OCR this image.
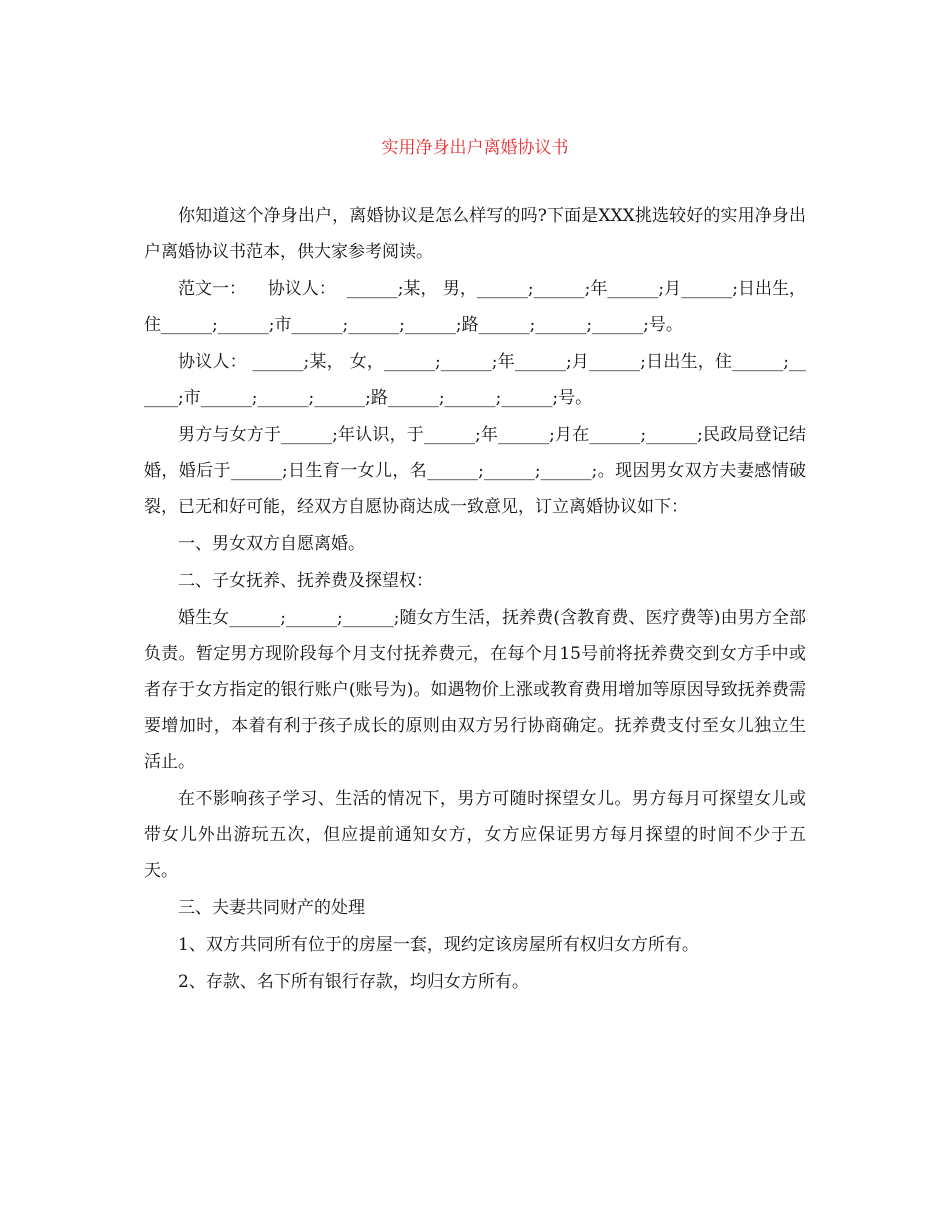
实用净身出户离婚协议书

你知道这个净身出户，离婚协议是怎么样写的吗?下面是XXX挑选较好的实用净身出户离婚协议书范本，供大家参考阅读。

范文一：    协议人：  ______;某， 男，______;______;年______;月______;日出生，住______;______;市______;______;______;路______;______;______;号。

协议人： ______;某， 女，______;______;年______;月______;日出生，住______;______;市______;______;______;路______;______;______;号。

男方与女方于______;年认识，于______;年______;月在______;______;民政局登记结婚，婚后于______;日生育一女儿，名______;______;______;。现因男女双方夫妻感情破裂，已无和好可能，经双方自愿协商达成一致意见，订立离婚协议如下：

一、男女双方自愿离婚。

二、子女抚养、抚养费及探望权：

婚生女______;______;______;随女方生活，抚养费(含教育费、医疗费等)由男方全部负责。暂定男方现阶段每个月支付抚养费元，在每个月15号前将抚养费交到女方手中或者存于女方指定的银行账户(账号为)。如遇物价上涨或教育费用增加等原因导致抚养费需要增加时，本着有利于孩子成长的原则由双方另行协商确定。抚养费支付至女儿独立生活止。

在不影响孩子学习、生活的情况下，男方可随时探望女儿。男方每月可探望女儿或带女儿外出游玩五次，但应提前通知女方，女方应保证男方每月探望的时间不少于五天。

三、夫妻共同财产的处理

1、双方共同所有位于的房屋一套，现约定该房屋所有权归女方所有。

2、存款、名下所有银行存款，均归女方所有。
